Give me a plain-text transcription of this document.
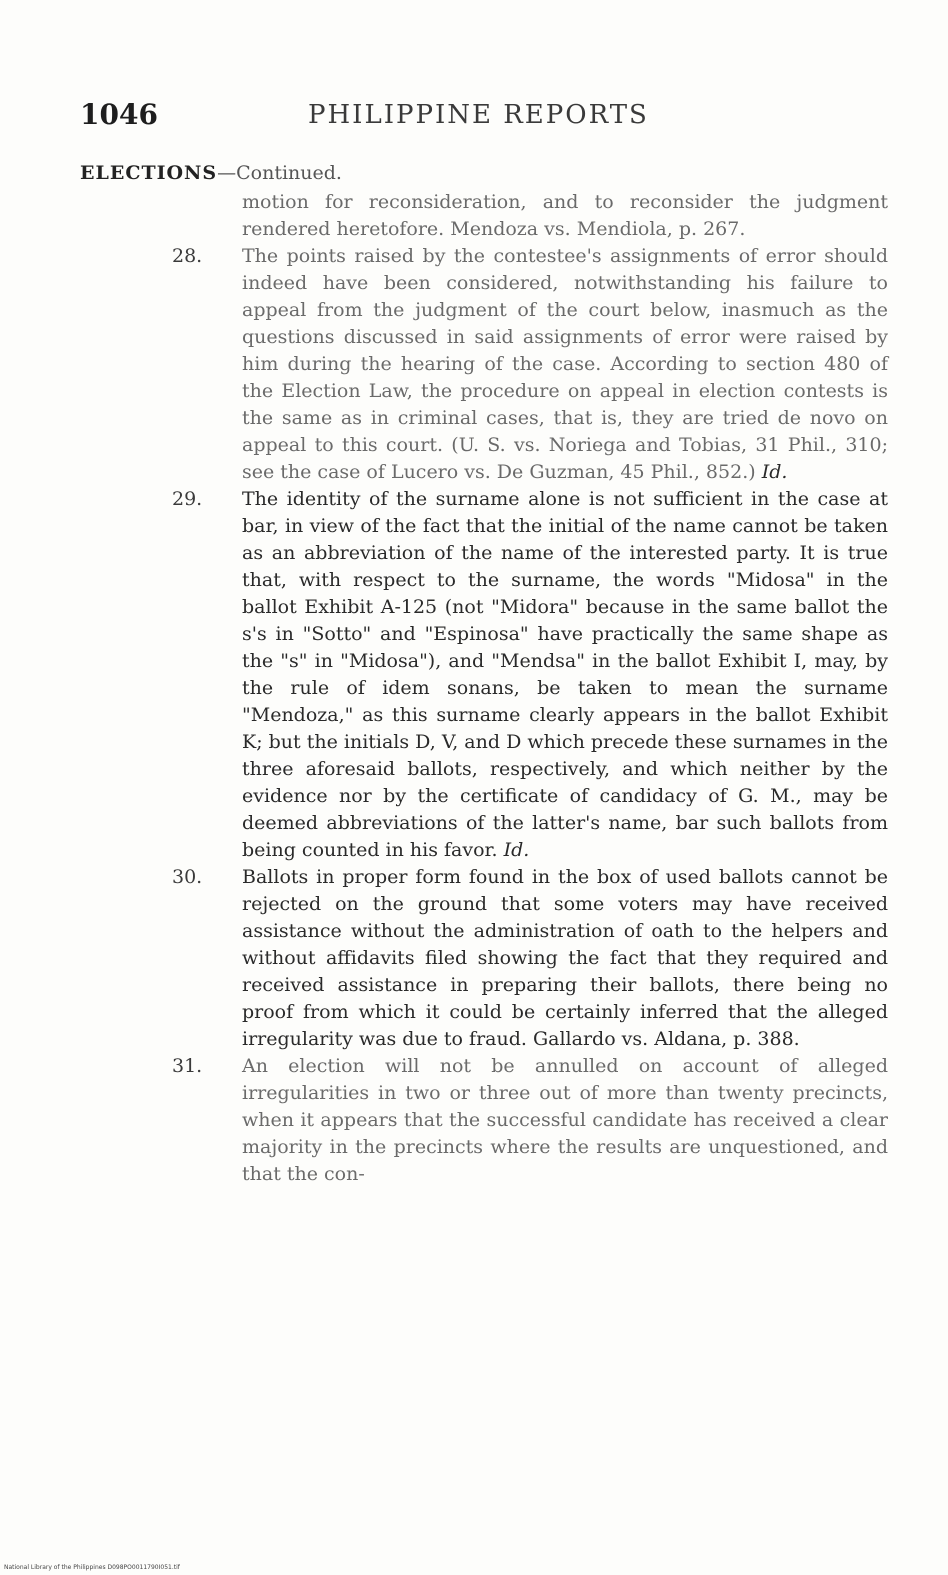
1046	PHILIPPINE REPORTS
ELECTIONS—Continued.
motion for reconsideration, and to reconsider the judgment rendered heretofore. Mendoza vs. Mendiola, p. 267.
28. The points raised by the contestee's assignments of error should indeed have been considered, notwithstanding his failure to appeal from the judgment of the court below, inasmuch as the questions discussed in said assignments of error were raised by him during the hearing of the case. According to section 480 of the Election Law, the procedure on appeal in election contests is the same as in criminal cases, that is, they are tried de novo on appeal to this court. (U. S. vs. Noriega and Tobias, 31 Phil., 310; see the case of Lucero vs. De Guzman, 45 Phil., 852.)

Id.
29. The identity of the surname alone is not sufficient in the case at bar, in view of the fact that the initial of the name cannot be taken as an abbreviation of the name of the interested party. It is true that, with respect to the surname, the words "Midosa" in the ballot Exhibit A-125 (not "Midora" because in the same ballot the s's in "Sotto" and "Espinosa" have practically the same shape as the "s" in "Midosa"), and "Mendsa" in the ballot Exhibit I, may, by the rule of idem sonans, be taken to mean the surname "Mendoza," as this surname clearly appears in the ballot Exhibit K; but the initials D, V, and D which precede these surnames in the three aforesaid ballots, respectively, and which neither by the evidence nor by the certificate of candidacy of G. M., may be deemed abbreviations of the latter's name, bar such ballots from being counted in his favor.

Id.
30. Ballots in proper form found in the box of used ballots cannot be rejected on the ground that some voters may have received assistance without the administration of oath to the helpers and without affidavits filed showing the fact that they required and received assistance in preparing their ballots, there being no proof from which it could be certainly inferred that the alleged irregularity was due to fraud. Gallardo vs. Aldana, p. 388.

31. An election will not be annulled on account of alleged irregularities in two or three out of more than twenty precincts, when it appears that the successful candidate has received a clear majority in the precincts where the results are unquestioned, and that the con-

National Library of the Philippines D098PO0011790I051.tif
